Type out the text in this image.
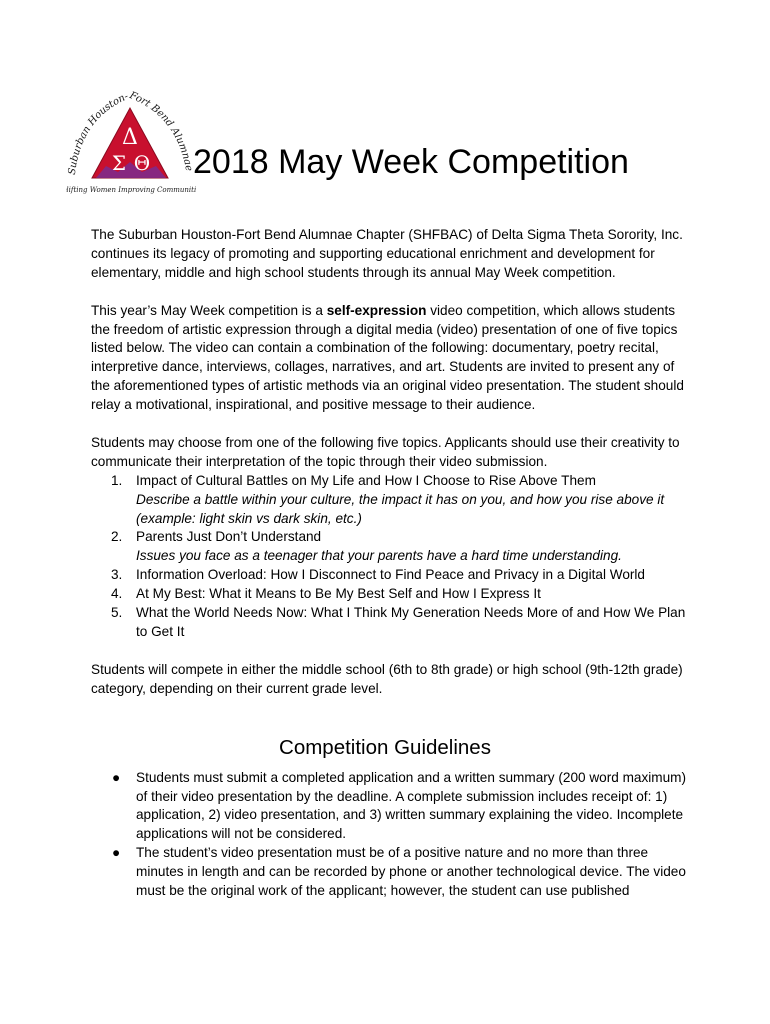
Δ
Σ Θ
Suburban Houston-Fort Bend Alumnae
lifting Women Improving Communiti
2018 May Week Competition

The Suburban Houston-Fort Bend Alumnae Chapter (SHFBAC) of Delta Sigma Theta Sorority, Inc. continues its legacy of promoting and supporting educational enrichment and development for elementary, middle and high school students through its annual May Week competition.

This year’s May Week competition is a self-expression video competition, which allows students the freedom of artistic expression through a digital media (video) presentation of one of five topics listed below. The video can contain a combination of the following: documentary, poetry recital, interpretive dance, interviews, collages, narratives, and art. Students are invited to present any of the aforementioned types of artistic methods via an original video presentation. The student should relay a motivational, inspirational, and positive message to their audience.

Students may choose from one of the following five topics. Applicants should use their creativity to communicate their interpretation of the topic through their video submission.
1. Impact of Cultural Battles on My Life and How I Choose to Rise Above Them
Describe a battle within your culture, the impact it has on you, and how you rise above it (example: light skin vs dark skin, etc.)
2. Parents Just Don’t Understand
Issues you face as a teenager that your parents have a hard time understanding.
3. Information Overload: How I Disconnect to Find Peace and Privacy in a Digital World
4. At My Best: What it Means to Be My Best Self and How I Express It
5. What the World Needs Now: What I Think My Generation Needs More of and How We Plan to Get It

Students will compete in either the middle school (6th to 8th grade) or high school (9th-12th grade) category, depending on their current grade level.

Competition Guidelines
● Students must submit a completed application and a written summary (200 word maximum) of their video presentation by the deadline. A complete submission includes receipt of: 1) application, 2) video presentation, and 3) written summary explaining the video. Incomplete applications will not be considered.
● The student’s video presentation must be of a positive nature and no more than three minutes in length and can be recorded by phone or another technological device. The video must be the original work of the applicant; however, the student can use published
